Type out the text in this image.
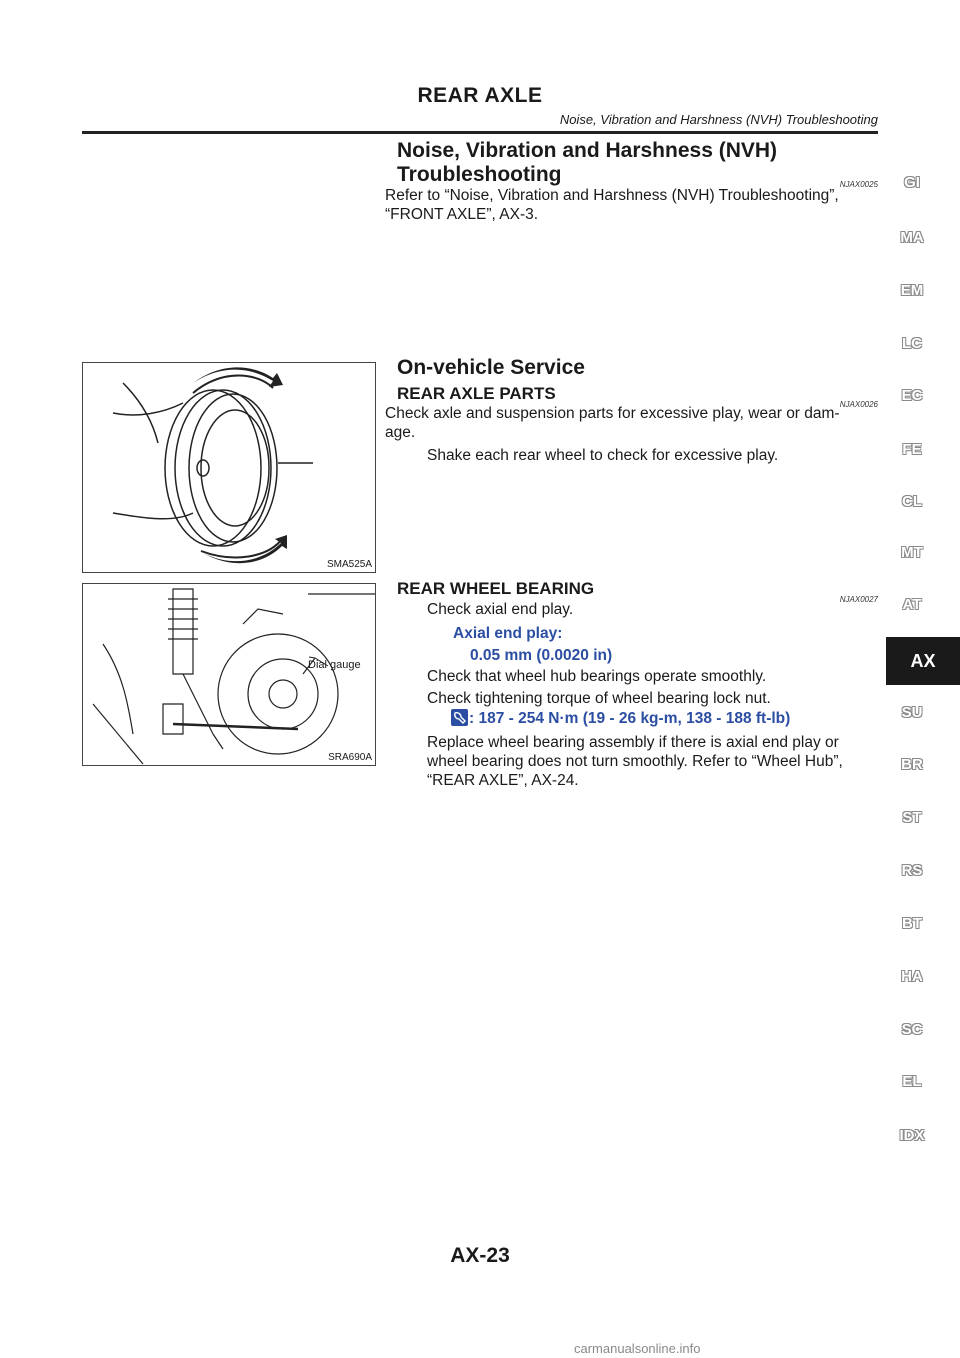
REAR AXLE
Noise, Vibration and Harshness (NVH) Troubleshooting
Noise, Vibration and Harshness (NVH)
Troubleshooting	NJAX0025
Refer to “Noise, Vibration and Harshness (NVH) Troubleshooting”,
“FRONT AXLE”, AX-3.
SMA525A
On-vehicle Service
REAR AXLE PARTS
NJAX0026
Check axle and suspension parts for excessive play, wear or dam-
age.
Shake each rear wheel to check for excessive play.
Dial gauge
SRA690A
REAR WHEEL BEARING
NJAX0027
Check axial end play.
Axial end play:
0.05 mm (0.0020 in)
Check that wheel hub bearings operate smoothly.
Check tightening torque of wheel bearing lock nut.
: 187 - 254 N·m (19 - 26 kg-m, 138 - 188 ft-lb)
Replace wheel bearing assembly if there is axial end play or
wheel bearing does not turn smoothly. Refer to “Wheel Hub”,
“REAR AXLE”, AX-24.
GI
MA
EM
LC
EC
FE
CL
MT
AT
AX
SU
BR
ST
RS
BT
HA
SC
EL
IDX
AX-23
carmanualsonline.info
